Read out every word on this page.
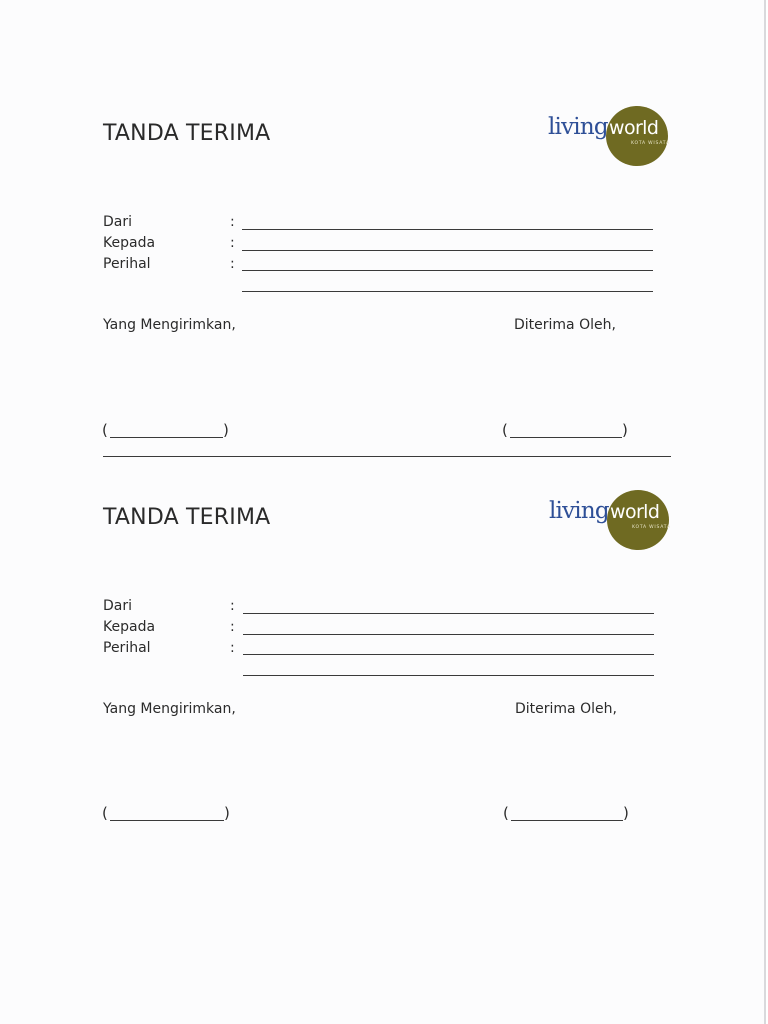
TANDA TERIMA	living world
KOTA WISATA
Dari	:
Kepada	:
Perihal	:
Yang Mengirimkan,	Diterima Oleh,
(	)	(	)
TANDA TERIMA	living world
KOTA WISATA
Dari	:
Kepada	:
Perihal	:
Yang Mengirimkan,	Diterima Oleh,
(	)	(	)
